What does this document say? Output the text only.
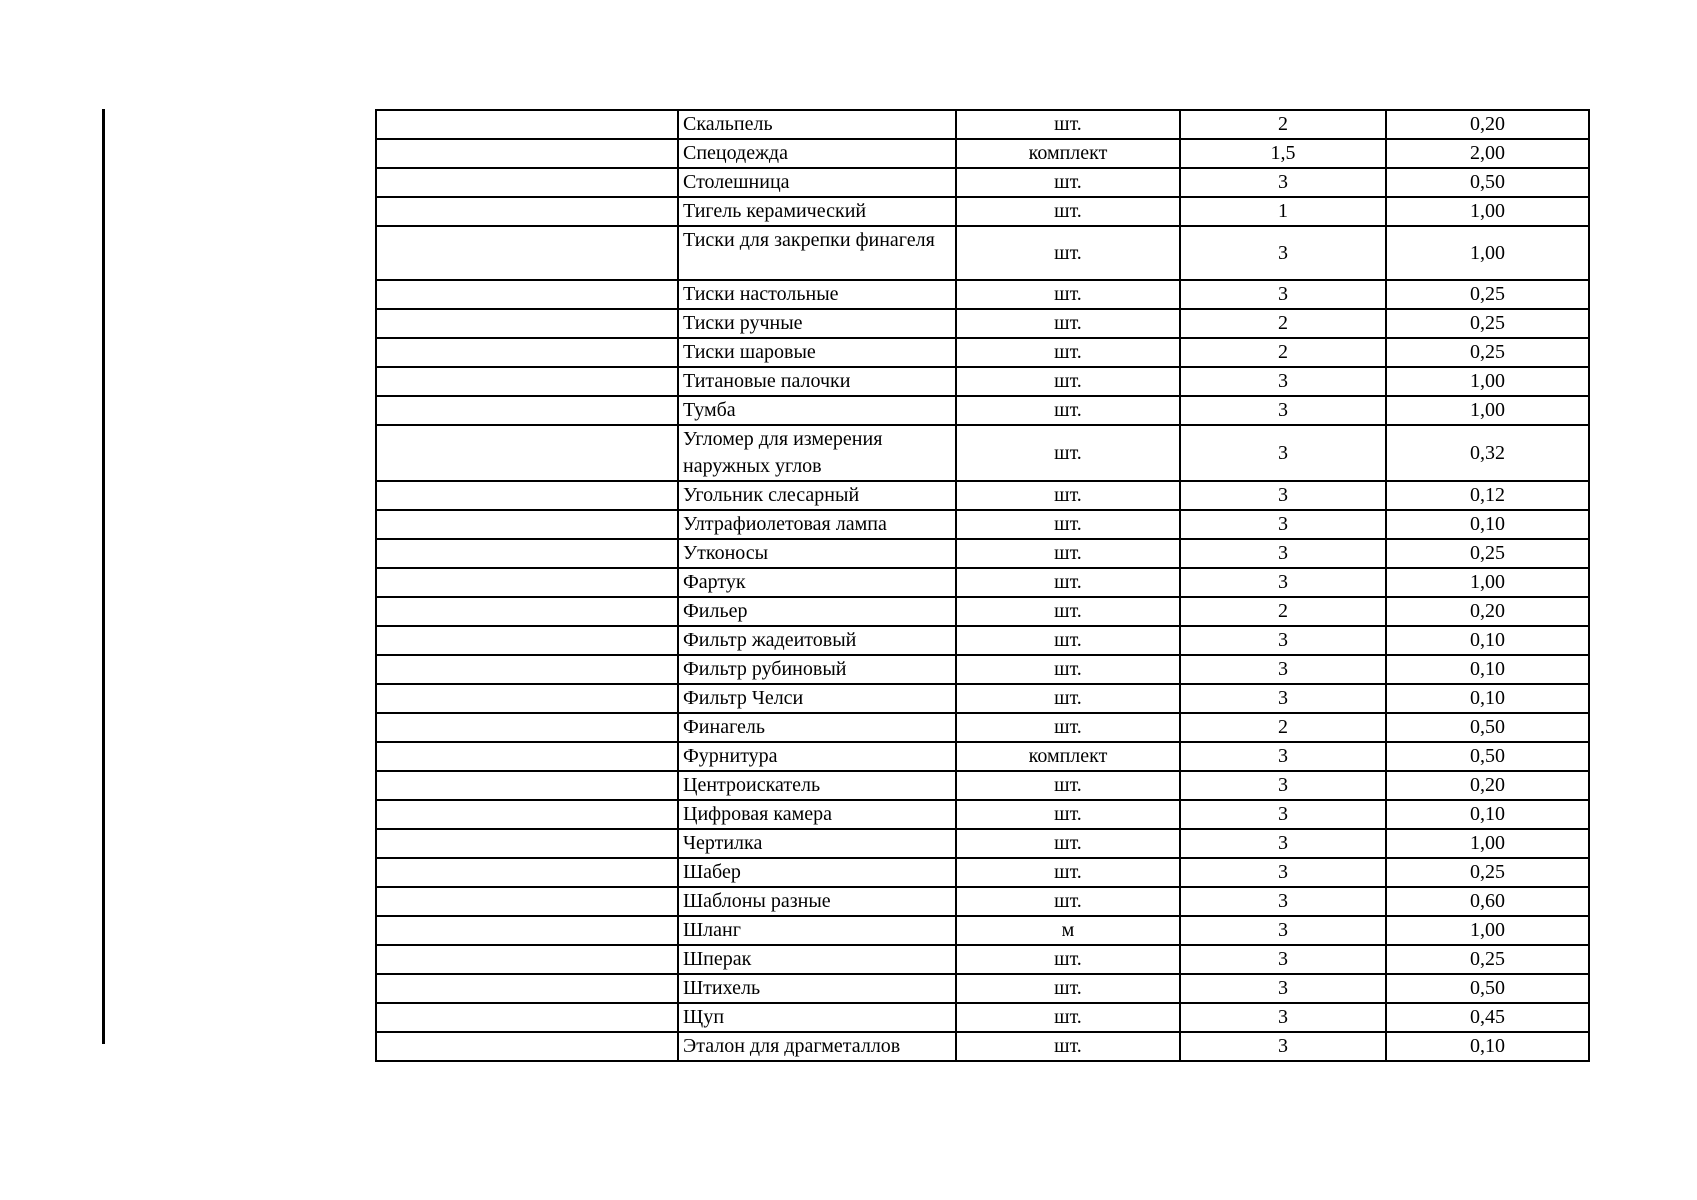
	Скальпель	шт.	2	0,20
	Спецодежда	комплект	1,5	2,00
	Столешница	шт.	3	0,50
	Тигель керамический	шт.	1	1,00
	Тиски для закрепки финагеля	шт.	3	1,00
	Тиски настольные	шт.	3	0,25
	Тиски ручные	шт.	2	0,25
	Тиски шаровые	шт.	2	0,25
	Титановые палочки	шт.	3	1,00
	Тумба	шт.	3	1,00
	Угломер для измерения наружных углов	шт.	3	0,32
	Угольник слесарный	шт.	3	0,12
	Ултрафиолетовая лампа	шт.	3	0,10
	Утконосы	шт.	3	0,25
	Фартук	шт.	3	1,00
	Фильер	шт.	2	0,20
	Фильтр жадеитовый	шт.	3	0,10
	Фильтр рубиновый	шт.	3	0,10
	Фильтр Челси	шт.	3	0,10
	Финагель	шт.	2	0,50
	Фурнитура	комплект	3	0,50
	Центроискатель	шт.	3	0,20
	Цифровая камера	шт.	3	0,10
	Чертилка	шт.	3	1,00
	Шабер	шт.	3	0,25
	Шаблоны разные	шт.	3	0,60
	Шланг	м	3	1,00
	Шперак	шт.	3	0,25
	Штихель	шт.	3	0,50
	Щуп	шт.	3	0,45
	Эталон для драгметаллов	шт.	3	0,10
